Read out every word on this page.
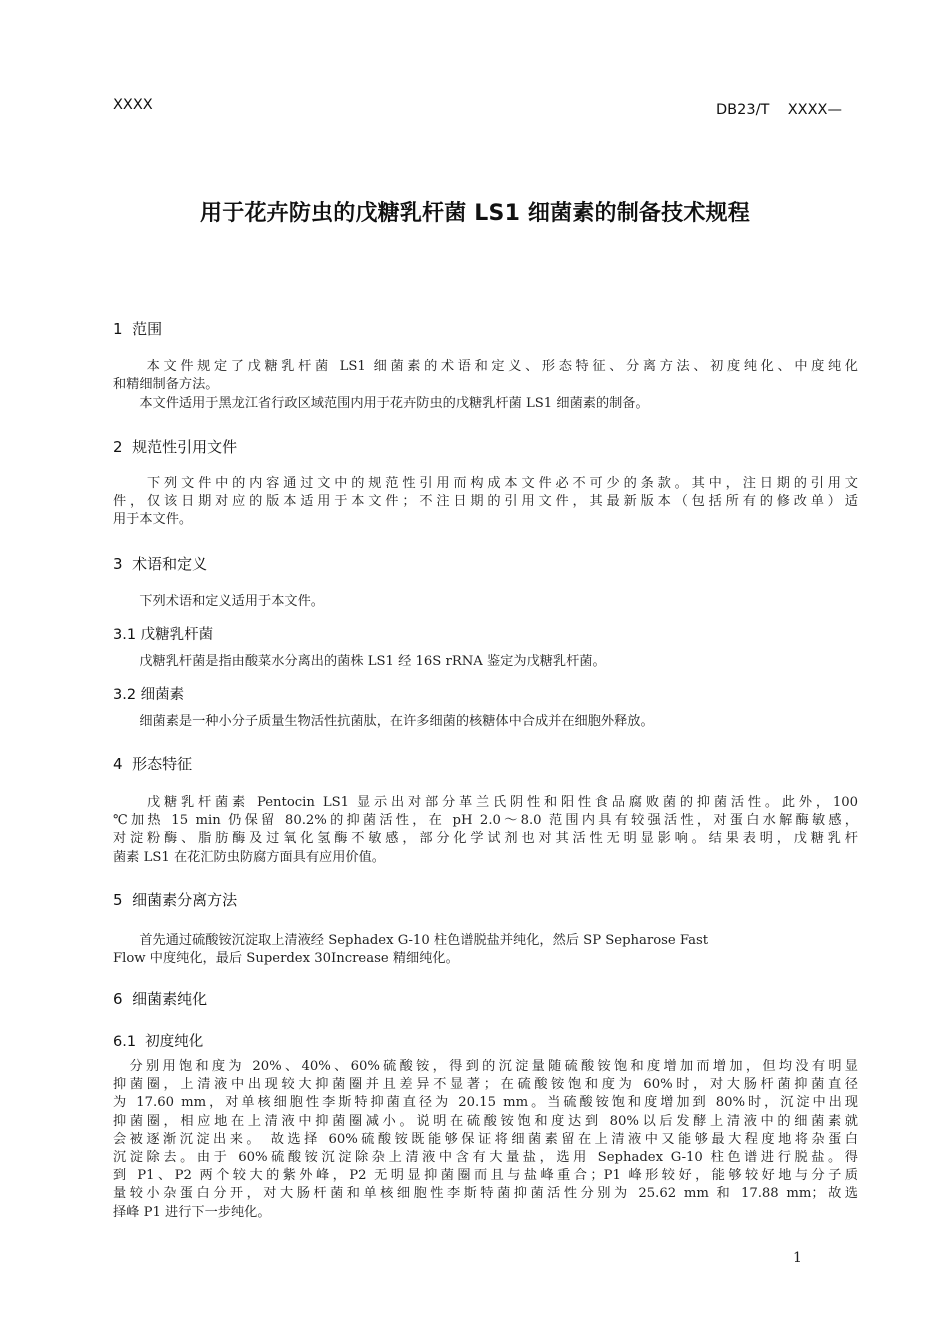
DB23/T    XXXX—
XXXX
用于花卉防虫的戊糖乳杆菌 LS1 细菌素的制备技术规程
1  范围
　　本文件规定了戊糖乳杆菌 LS1 细菌素的术语和定义、形态特征、分离方法、初度纯化、中度纯化
和精细制备方法。
　　本文件适用于黑龙江省行政区域范围内用于花卉防虫的戊糖乳杆菌 LS1 细菌素的制备。
2  规范性引用文件
　　下列文件中的内容通过文中的规范性引用而构成本文件必不可少的条款。其中，注日期的引用文
件，仅该日期对应的版本适用于本文件；不注日期的引用文件，其最新版本（包括所有的修改单）适
用于本文件。
3  术语和定义
　　下列术语和定义适用于本文件。
3.1 戊糖乳杆菌
　　戊糖乳杆菌是指由酸菜水分离出的菌株 LS1 经 16S rRNA 鉴定为戊糖乳杆菌。
3.2 细菌素
　　细菌素是一种小分子质量生物活性抗菌肽，在许多细菌的核糖体中合成并在细胞外释放。
4  形态特征
　　戊糖乳杆菌素 Pentocin LS1 显示出对部分革兰氏阴性和阳性食品腐败菌的抑菌活性。此外，100
℃加热 15 min 仍保留 80.2%的抑菌活性，在 pH 2.0～8.0 范围内具有较强活性，对蛋白水解酶敏感，
对淀粉酶、脂肪酶及过氧化氢酶不敏感，部分化学试剂也对其活性无明显影响。结果表明，戊糖乳杆
菌素 LS1 在花汇防虫防腐方面具有应用价值。
5  细菌素分离方法
　　首先通过硫酸铵沉淀取上清液经 Sephadex G-10 柱色谱脱盐并纯化，然后 SP Sepharose Fast
Flow 中度纯化，最后 Superdex 30Increase 精细纯化。
6  细菌素纯化
6.1  初度纯化
　分别用饱和度为 20%、40%、60%硫酸铵，得到的沉淀量随硫酸铵饱和度增加而增加，但均没有明显
抑菌圈，上清液中出现较大抑菌圈并且差异不显著；在硫酸铵饱和度为 60%时，对大肠杆菌抑菌直径
为 17.60 mm，对单核细胞性李斯特抑菌直径为 20.15 mm。当硫酸铵饱和度增加到 80%时，沉淀中出现
抑菌圈，相应地在上清液中抑菌圈减小。说明在硫酸铵饱和度达到 80%以后发酵上清液中的细菌素就
会被逐渐沉淀出来。 故选择 60%硫酸铵既能够保证将细菌素留在上清液中又能够最大程度地将杂蛋白
沉淀除去。由于 60%硫酸铵沉淀除杂上清液中含有大量盐，选用 Sephadex G-10 柱色谱进行脱盐。得
到 P1、P2 两个较大的紫外峰，P2 无明显抑菌圈而且与盐峰重合；P1 峰形较好，能够较好地与分子质
量较小杂蛋白分开，对大肠杆菌和单核细胞性李斯特菌抑菌活性分别为 25.62 mm 和 17.88 mm；故选
择峰 P1 进行下一步纯化。
1
